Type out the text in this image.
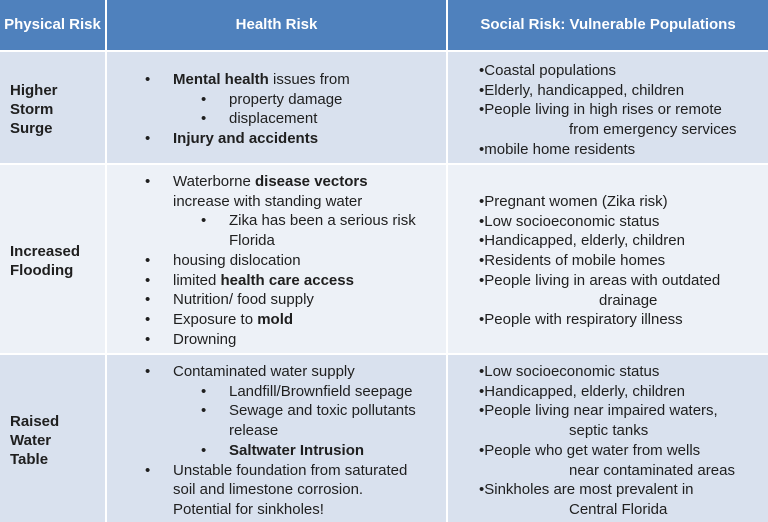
Physical Risk	Health Risk	Social Risk: Vulnerable Populations
Higher Storm Surge
• Mental health issues from
• property damage
• displacement
• Injury and accidents
•Coastal populations
•Elderly, handicapped, children
•People living in high rises or remote
from emergency services
•mobile home residents
Increased Flooding
• Waterborne disease vectors
increase with standing water
• Zika has been a serious risk
Florida
• housing dislocation
• limited health care access
• Nutrition/ food supply
• Exposure to mold
• Drowning
•Pregnant women (Zika risk)
•Low socioeconomic status
•Handicapped, elderly, children
•Residents of mobile homes
•People living in areas with outdated
drainage
•People with respiratory illness
Raised Water Table
• Contaminated water supply
• Landfill/Brownfield seepage
• Sewage and toxic pollutants
release
• Saltwater Intrusion
• Unstable foundation from saturated
soil and limestone corrosion.
Potential for sinkholes!
•Low socioeconomic status
•Handicapped, elderly, children
•People living near impaired waters,
septic tanks
•People who get water from wells
near contaminated areas
•Sinkholes are most prevalent in
Central Florida
